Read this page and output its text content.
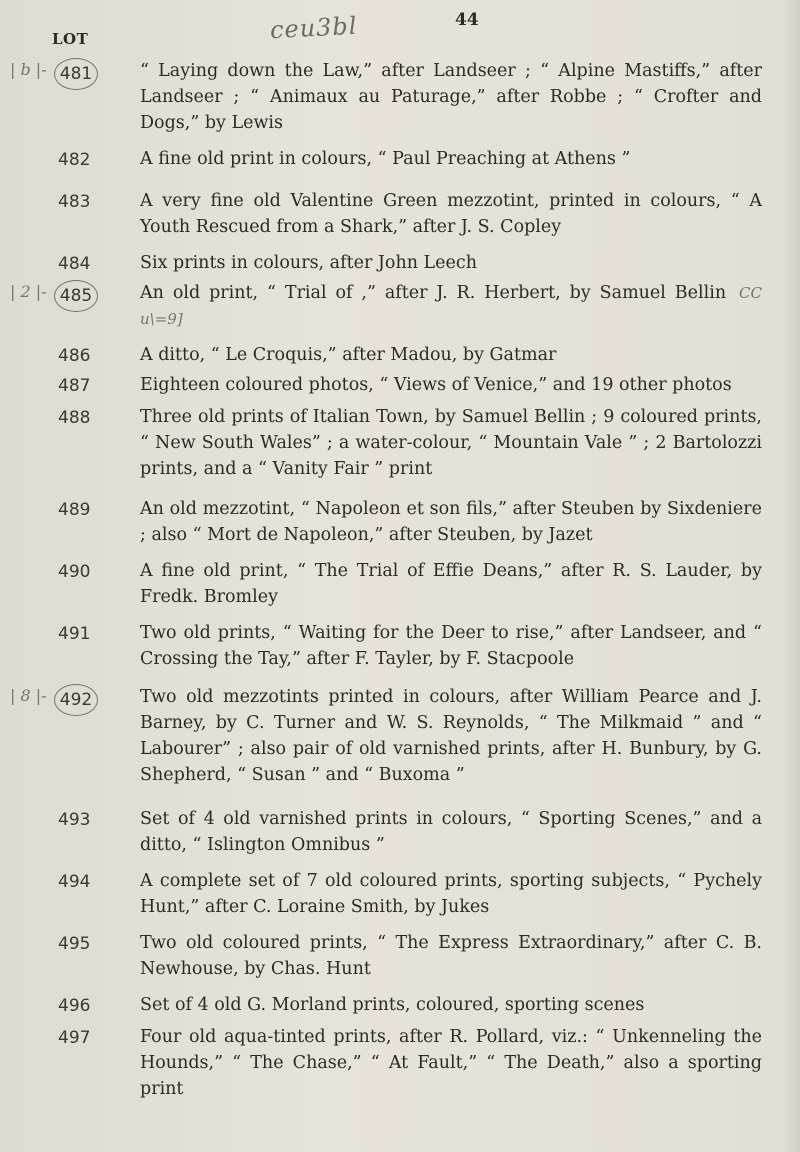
ceu3bl	44
LOT
| b |- 481	“ Laying down the Law,” after Landseer ; “ Alpine Mastiffs,” after Landseer ; “ Animaux au Paturage,” after Robbe ; “ Crofter and Dogs,” by Lewis
482	A fine old print in colours, “ Paul Preaching at Athens ”
483	A very fine old Valentine Green mezzotint, printed in colours, “ A Youth Rescued from a Shark,” after J. S. Copley
484	Six prints in colours, after John Leech
| 2 |- 485	An old print, “ Trial of ,” after J. R. Herbert, by Samuel Bellin CC u\=9]
486	A ditto, “ Le Croquis,” after Madou, by Gatmar
487	Eighteen coloured photos, “ Views of Venice,” and 19 other photos
488	Three old prints of Italian Town, by Samuel Bellin ; 9 coloured prints, “ New South Wales” ; a water-colour, “ Mountain Vale ” ; 2 Bartolozzi prints, and a “ Vanity Fair ” print
489	An old mezzotint, “ Napoleon et son fils,” after Steuben by Sixdeniere ; also “ Mort de Napoleon,” after Steuben, by Jazet
490	A fine old print, “ The Trial of Effie Deans,” after R. S. Lauder, by Fredk. Bromley
491	Two old prints, “ Waiting for the Deer to rise,” after Landseer, and “ Crossing the Tay,” after F. Tayler, by F. Stacpoole
| 8 |- 492	Two old mezzotints printed in colours, after William Pearce and J. Barney, by C. Turner and W. S. Reynolds, “ The Milkmaid ” and “ Labourer” ; also pair of old varnished prints, after H. Bunbury, by G. Shepherd, “ Susan ” and “ Buxoma ”
493	Set of 4 old varnished prints in colours, “ Sporting Scenes,” and a ditto, “ Islington Omnibus ”
494	A complete set of 7 old coloured prints, sporting subjects, “ Pychely Hunt,” after C. Loraine Smith, by Jukes
495	Two old coloured prints, “ The Express Extraordinary,” after C. B. Newhouse, by Chas. Hunt
496	Set of 4 old G. Morland prints, coloured, sporting scenes
497	Four old aqua-tinted prints, after R. Pollard, viz.: “ Unkenneling the Hounds,” “ The Chase,” “ At Fault,” “ The Death,” also a sporting print
